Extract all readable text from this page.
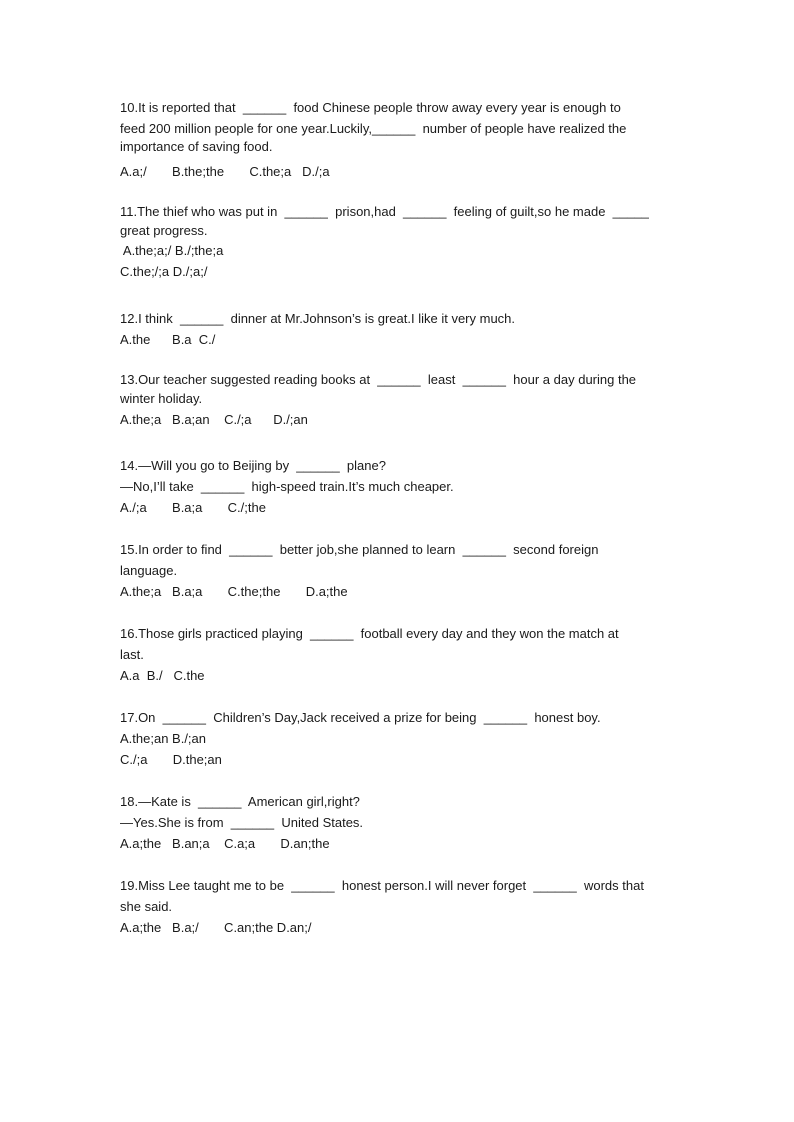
10.It is reported that  ______  food Chinese people throw away every year is enough to
feed 200 million people for one year.Luckily,______  number of people have realized the
importance of saving food.
A.a;/       B.the;the       C.the;a   D./;a
11.The thief who was put in  ______  prison,had  ______  feeling of guilt,so he made  _____
great progress.
A.the;a;/ B./;the;a
C.the;/;a D./;a;/
12.I think  ______  dinner at Mr.Johnson’s is great.I like it very much.
A.the      B.a  C./
13.Our teacher suggested reading books at  ______  least  ______  hour a day during the
winter holiday.
A.the;a   B.a;an    C./;a      D./;an
14.—Will you go to Beijing by  ______  plane?
—No,I’ll take  ______  high-speed train.It’s much cheaper.
A./;a       B.a;a       C./;the
15.In order to find  ______  better job,she planned to learn  ______  second foreign
language.
A.the;a   B.a;a       C.the;the       D.a;the
16.Those girls practiced playing  ______  football every day and they won the match at
last.
A.a  B./   C.the
17.On  ______  Children’s Day,Jack received a prize for being  ______  honest boy.
A.the;an B./;an
C./;a       D.the;an
18.—Kate is  ______  American girl,right?
—Yes.She is from  ______  United States.
A.a;the   B.an;a    C.a;a       D.an;the
19.Miss Lee taught me to be  ______  honest person.I will never forget  ______  words that
she said.
A.a;the   B.a;/       C.an;the D.an;/
